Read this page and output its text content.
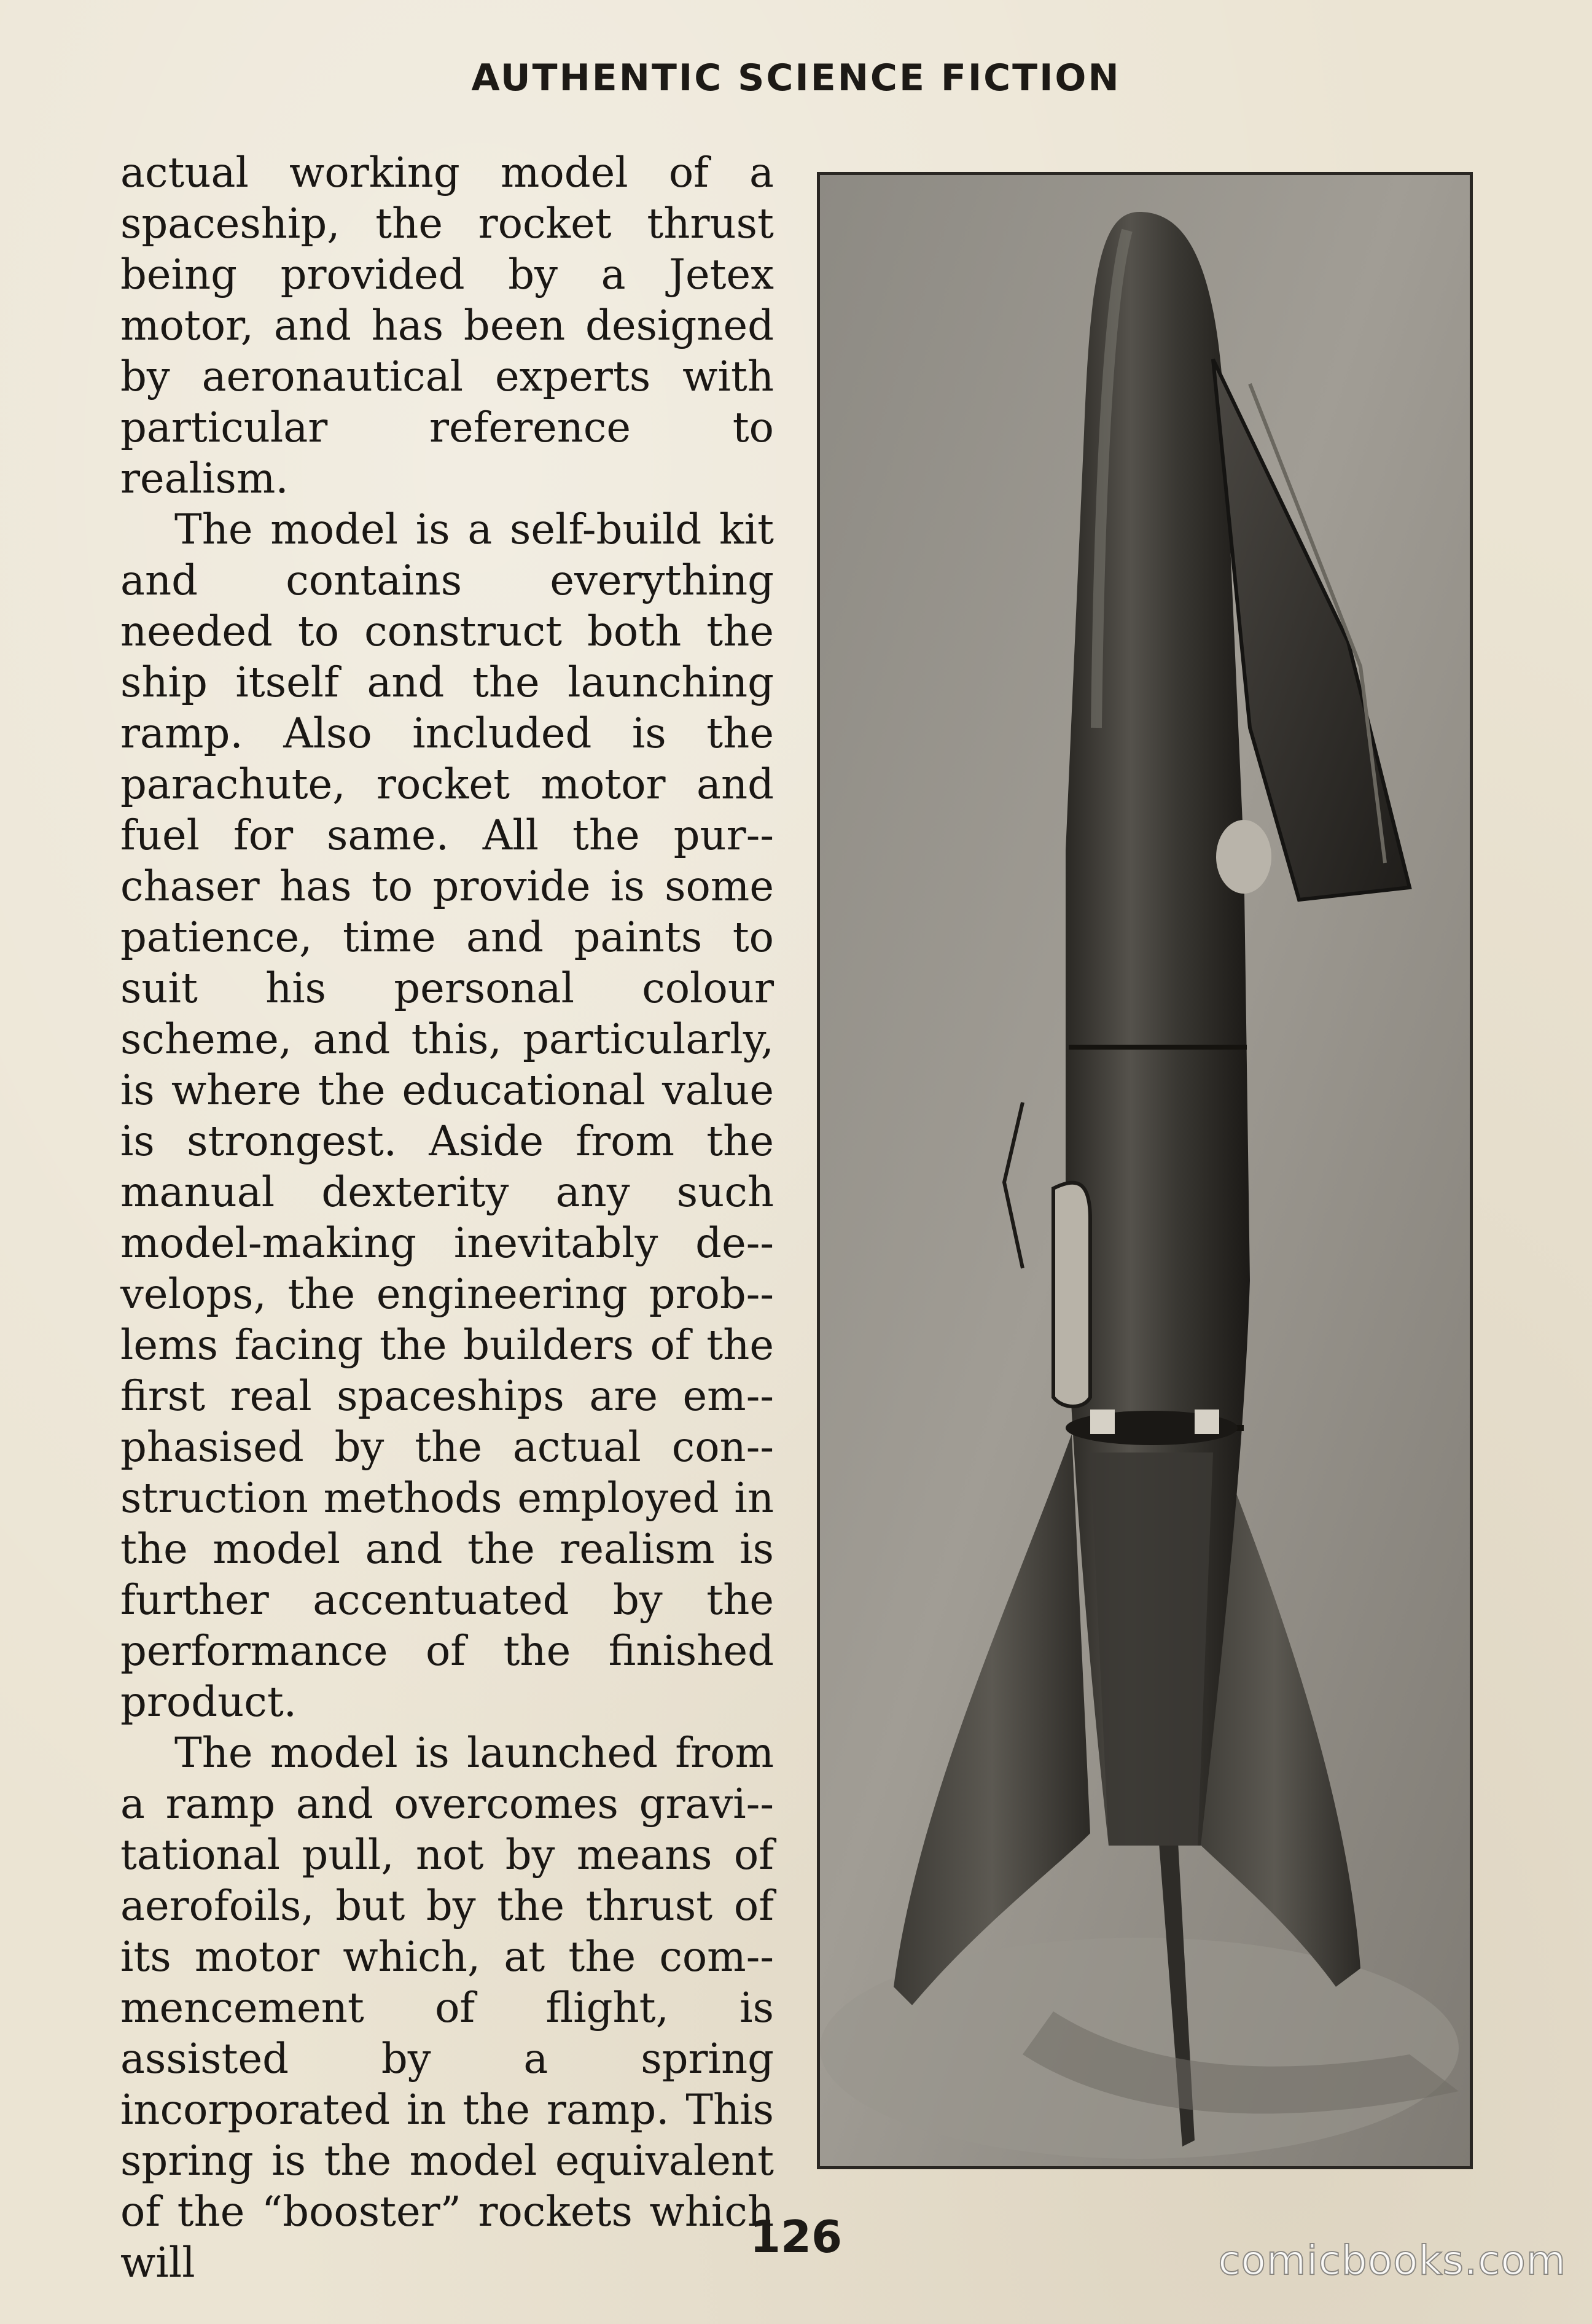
AUTHENTIC SCIENCE FICTION

actual working model of a spaceship, the rocket thrust being provided by a Jetex motor, and has been designed by aeronautical experts with particular reference to realism.

The model is a self-build kit and contains everything needed to construct both the ship itself and the launching ramp. Also included is the parachute, rocket motor and fuel for same. All the pur-chaser has to provide is some patience, time and paints to suit his personal colour scheme, and this, particularly, is where the educational value is strongest. Aside from the manual dexterity any such model-making inevitably de-velops, the engineering prob-lems facing the builders of the first real spaceships are em-phasised by the actual con-struction methods employed in the model and the realism is further accentuated by the performance of the finished product.

The model is launched from a ramp and overcomes gravi-tational pull, not by means of aerofoils, but by the thrust of its motor which, at the com-mencement of flight, is assisted by a spring incorporated in the ramp. This spring is the model equivalent of the “booster” rockets which will	126	comicbooks.com
